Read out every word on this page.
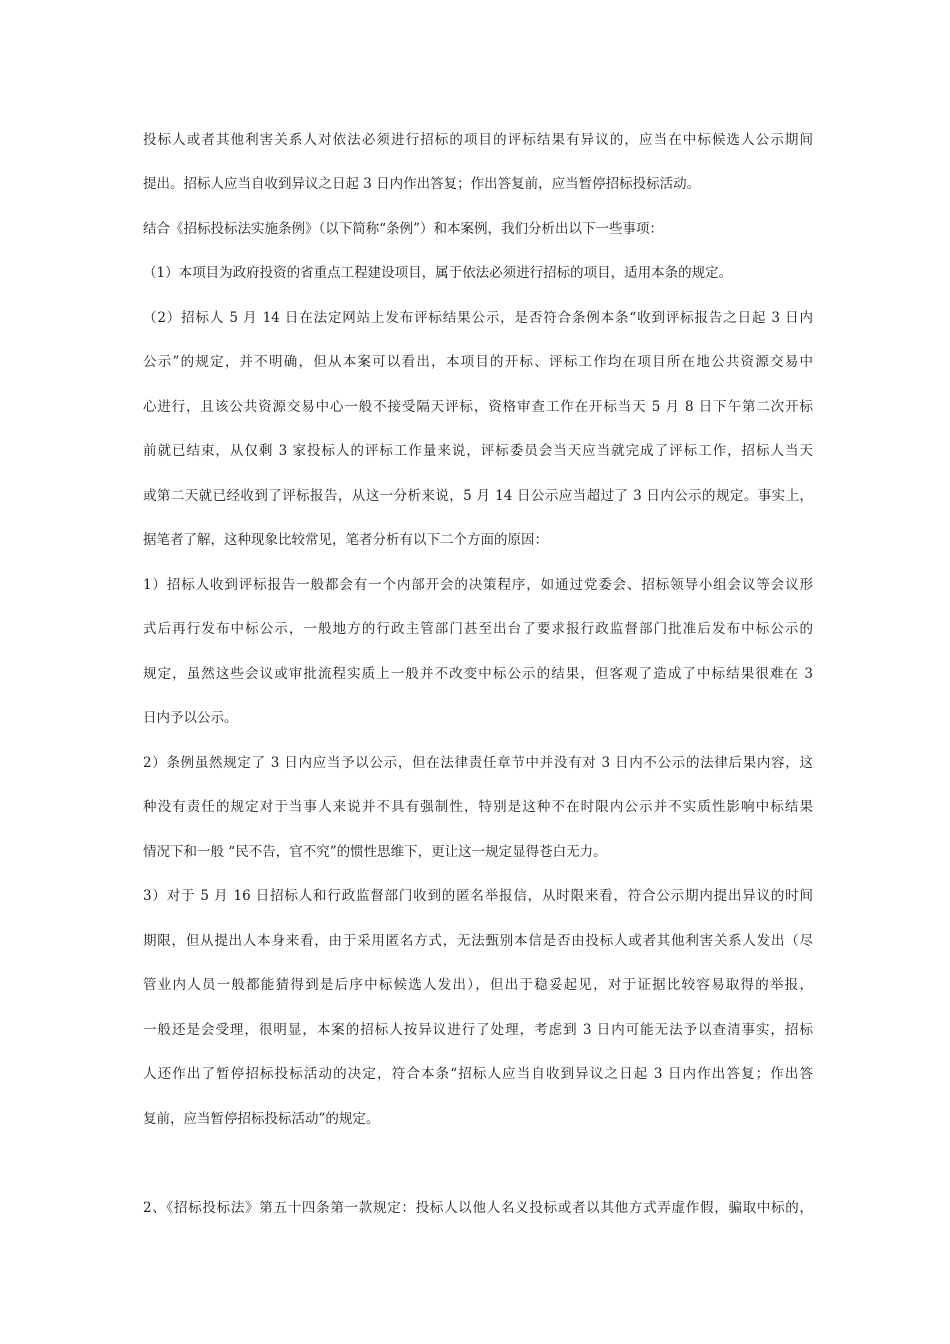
投标人或者其他利害关系人对依法必须进行招标的项目的评标结果有异议的，应当在中标候选人公示期间
提出。招标人应当自收到异议之日起 3 日内作出答复；作出答复前，应当暂停招标投标活动。
结合《招标投标法实施条例》（以下简称“条例”）和本案例，我们分析出以下一些事项：
（1）本项目为政府投资的省重点工程建设项目，属于依法必须进行招标的项目，适用本条的规定。
（2）招标人 5 月 14 日在法定网站上发布评标结果公示，是否符合条例本条“收到评标报告之日起 3 日内
公示”的规定，并不明确，但从本案可以看出，本项目的开标、评标工作均在项目所在地公共资源交易中
心进行，且该公共资源交易中心一般不接受隔天评标，资格审查工作在开标当天 5 月 8 日下午第二次开标
前就已结束，从仅剩 3 家投标人的评标工作量来说，评标委员会当天应当就完成了评标工作，招标人当天
或第二天就已经收到了评标报告，从这一分析来说，5 月 14 日公示应当超过了 3 日内公示的规定。事实上，
据笔者了解，这种现象比较常见，笔者分析有以下二个方面的原因：
1）招标人收到评标报告一般都会有一个内部开会的决策程序，如通过党委会、招标领导小组会议等会议形
式后再行发布中标公示，一般地方的行政主管部门甚至出台了要求报行政监督部门批准后发布中标公示的
规定，虽然这些会议或审批流程实质上一般并不改变中标公示的结果，但客观了造成了中标结果很难在 3
日内予以公示。
2）条例虽然规定了 3 日内应当予以公示，但在法律责任章节中并没有对 3 日内不公示的法律后果内容，这
种没有责任的规定对于当事人来说并不具有强制性，特别是这种不在时限内公示并不实质性影响中标结果
情况下和一般 “民不告，官不究”的惯性思维下，更让这一规定显得苍白无力。
3）对于 5 月 16 日招标人和行政监督部门收到的匿名举报信，从时限来看，符合公示期内提出异议的时间
期限，但从提出人本身来看，由于采用匿名方式，无法甄别本信是否由投标人或者其他利害关系人发出（尽
管业内人员一般都能猜得到是后序中标候选人发出），但出于稳妥起见，对于证据比较容易取得的举报，
一般还是会受理，很明显，本案的招标人按异议进行了处理，考虑到 3 日内可能无法予以查清事实，招标
人还作出了暂停招标投标活动的决定，符合本条“招标人应当自收到异议之日起 3 日内作出答复；作出答
复前，应当暂停招标投标活动”的规定。
2、《招标投标法》第五十四条第一款规定：投标人以他人名义投标或者以其他方式弄虚作假，骗取中标的，
